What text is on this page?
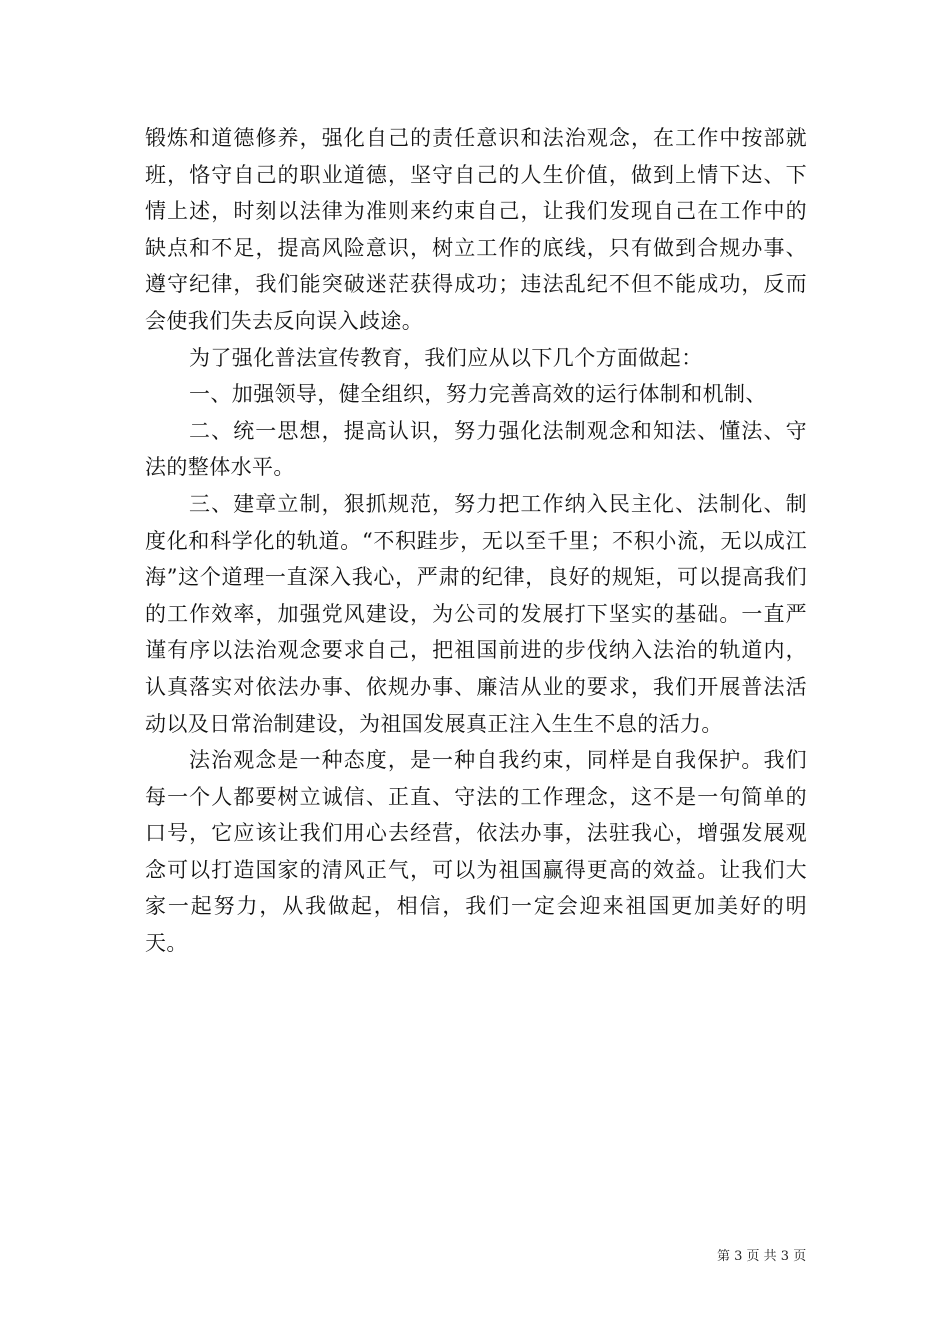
锻炼和道德修养，强化自己的责任意识和法治观念，在工作中按部就班，恪守自己的职业道德，坚守自己的人生价值，做到上情下达、下情上述，时刻以法律为准则来约束自己，让我们发现自己在工作中的缺点和不足，提高风险意识，树立工作的底线，只有做到合规办事、遵守纪律，我们能突破迷茫获得成功；违法乱纪不但不能成功，反而会使我们失去反向误入歧途。

为了强化普法宣传教育，我们应从以下几个方面做起：

一、加强领导，健全组织，努力完善高效的运行体制和机制、

二、统一思想，提高认识，努力强化法制观念和知法、懂法、守法的整体水平。

三、建章立制，狠抓规范，努力把工作纳入民主化、法制化、制度化和科学化的轨道。“不积跬步，无以至千里；不积小流，无以成江海”这个道理一直深入我心，严肃的纪律，良好的规矩，可以提高我们的工作效率，加强党风建设，为公司的发展打下坚实的基础。一直严谨有序以法治观念要求自己，把祖国前进的步伐纳入法治的轨道内，认真落实对依法办事、依规办事、廉洁从业的要求，我们开展普法活动以及日常治制建设，为祖国发展真正注入生生不息的活力。

法治观念是一种态度，是一种自我约束，同样是自我保护。我们每一个人都要树立诚信、正直、守法的工作理念，这不是一句简单的口号，它应该让我们用心去经营，依法办事，法驻我心，增强发展观念可以打造国家的清风正气，可以为祖国赢得更高的效益。让我们大家一起努力，从我做起，相信，我们一定会迎来祖国更加美好的明天。

第 3 页 共 3 页
